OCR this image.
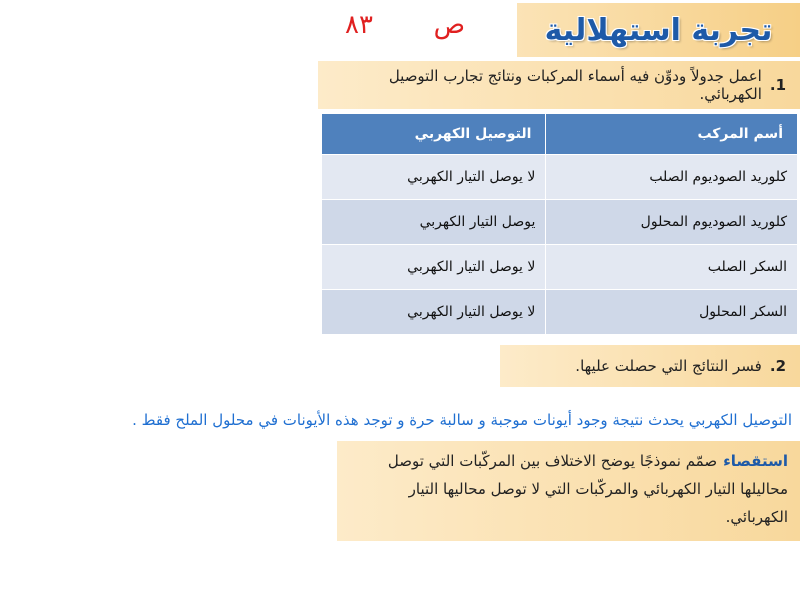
تجربة استهلالية
ص
٨٣
1.
اعمل جدولاً ودوِّن فيه أسماء المركبات ونتائج تجارب التوصيل الكهربائي.
أسم المركب	التوصيل الكهربي
كلوريد الصوديوم الصلب	لا يوصل التيار الكهربي
كلوريد الصوديوم المحلول	يوصل التيار الكهربي
السكر الصلب	لا يوصل التيار الكهربي
السكر المحلول	لا يوصل التيار الكهربي
2.
فسر النتائج التي حصلت عليها.
التوصيل الكهربي يحدث نتيجة وجود أيونات موجبة و سالبة حرة و توجد هذه الأيونات في محلول الملح فقط .
استقصاءصمّم نموذجًا يوضح الاختلاف بين المركّبات التي توصل محاليلها التيار الكهربائي والمركّبات التي لا توصل محاليها التيار الكهربائي.
